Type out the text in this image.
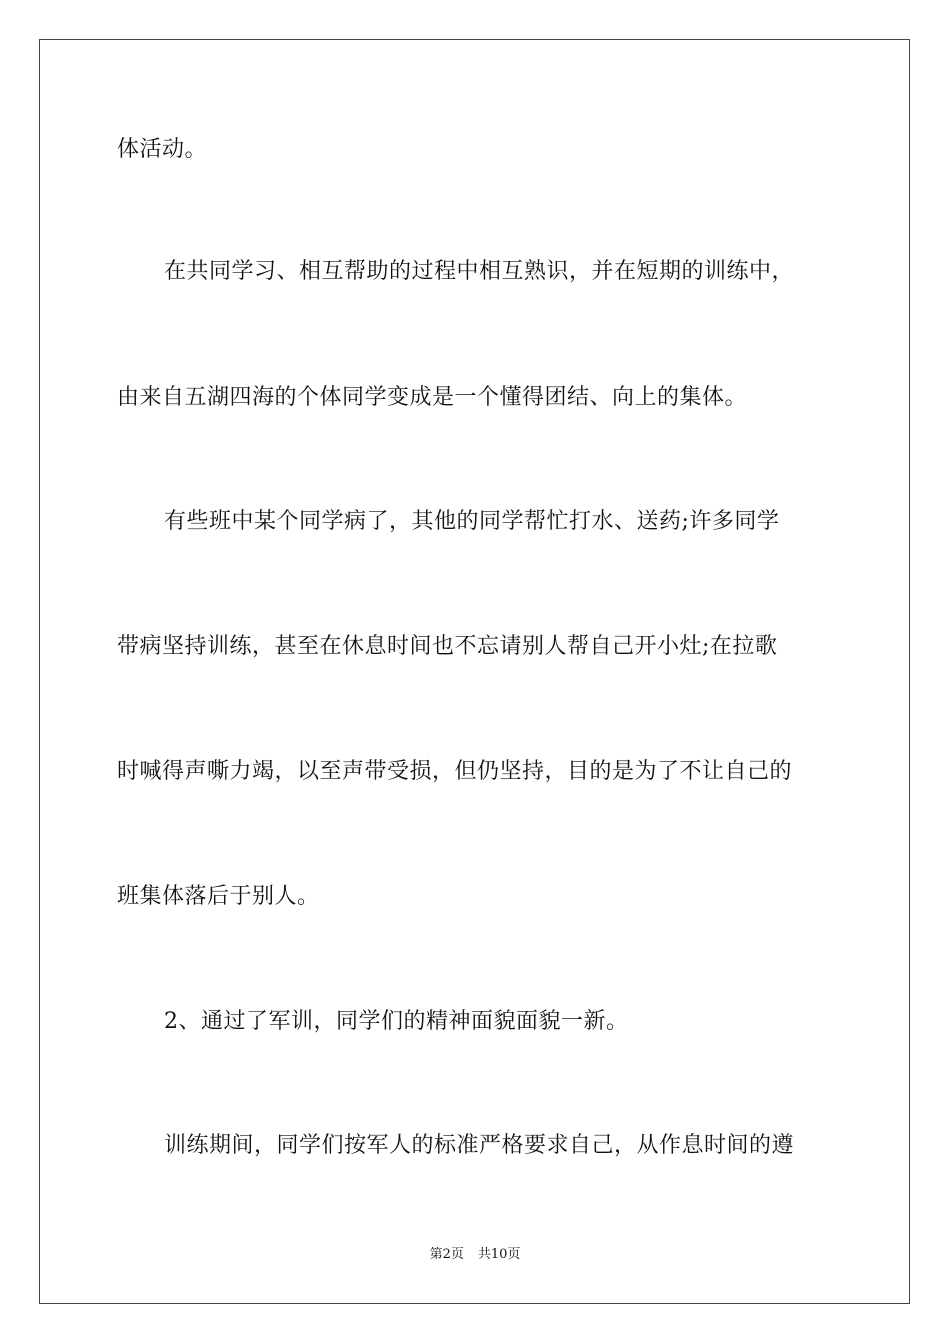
体活动。
在共同学习、相互帮助的过程中相互熟识，并在短期的训练中，
由来自五湖四海的个体同学变成是一个懂得团结、向上的集体。
有些班中某个同学病了，其他的同学帮忙打水、送药;许多同学
带病坚持训练，甚至在休息时间也不忘请别人帮自己开小灶;在拉歌
时喊得声嘶力竭，以至声带受损，但仍坚持，目的是为了不让自己的
班集体落后于别人。
2、通过了军训，同学们的精神面貌面貌一新。
训练期间，同学们按军人的标准严格要求自己，从作息时间的遵
第2页 共10页
